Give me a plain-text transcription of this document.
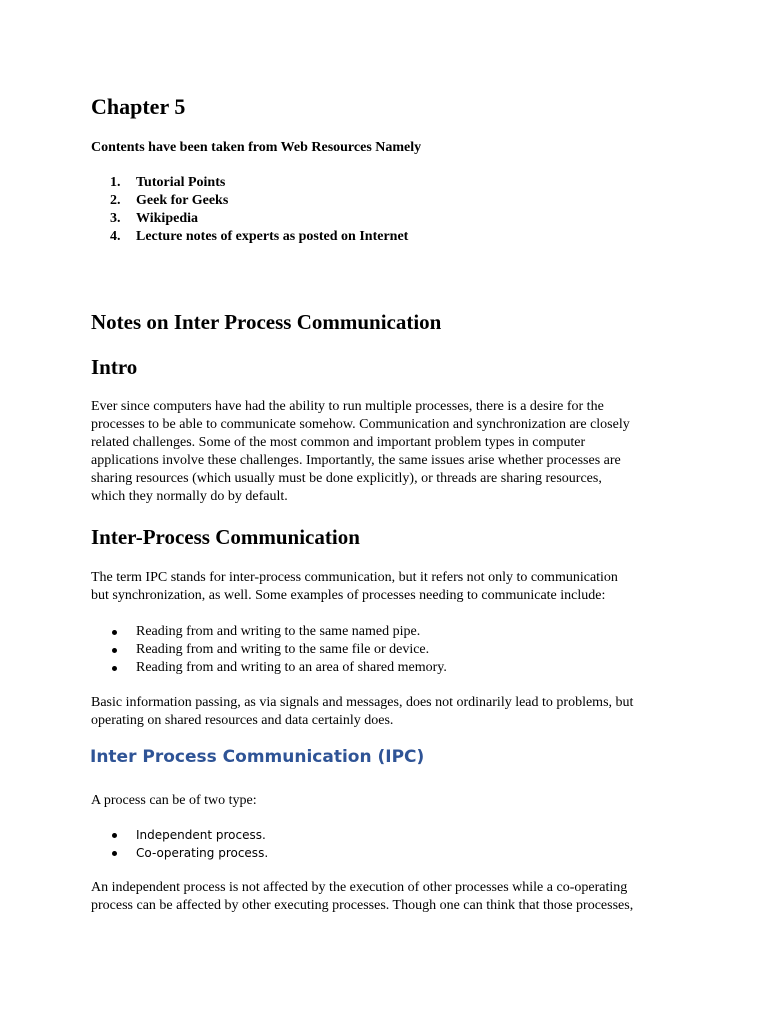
Chapter 5

Contents have been taken from Web Resources Namely

1. Tutorial Points
2. Geek for Geeks
3. Wikipedia
4. Lecture notes of experts as posted on Internet
Notes on Inter Process Communication
Intro

Ever since computers have had the ability to run multiple processes, there is a desire for the
processes to be able to communicate somehow. Communication and synchronization are closely
related challenges. Some of the most common and important problem types in computer
applications involve these challenges. Importantly, the same issues arise whether processes are
sharing resources (which usually must be done explicitly), or threads are sharing resources,
which they normally do by default.

Inter-Process Communication

The term IPC stands for inter-process communication, but it refers not only to communication
but synchronization, as well. Some examples of processes needing to communicate include:

Reading from and writing to the same named pipe.
Reading from and writing to the same file or device.
Reading from and writing to an area of shared memory.

Basic information passing, as via signals and messages, does not ordinarily lead to problems, but
operating on shared resources and data certainly does.

Inter Process Communication (IPC)

A process can be of two type:

Independent process.
Co-operating process.

An independent process is not affected by the execution of other processes while a co-operating
process can be affected by other executing processes. Though one can think that those processes,
